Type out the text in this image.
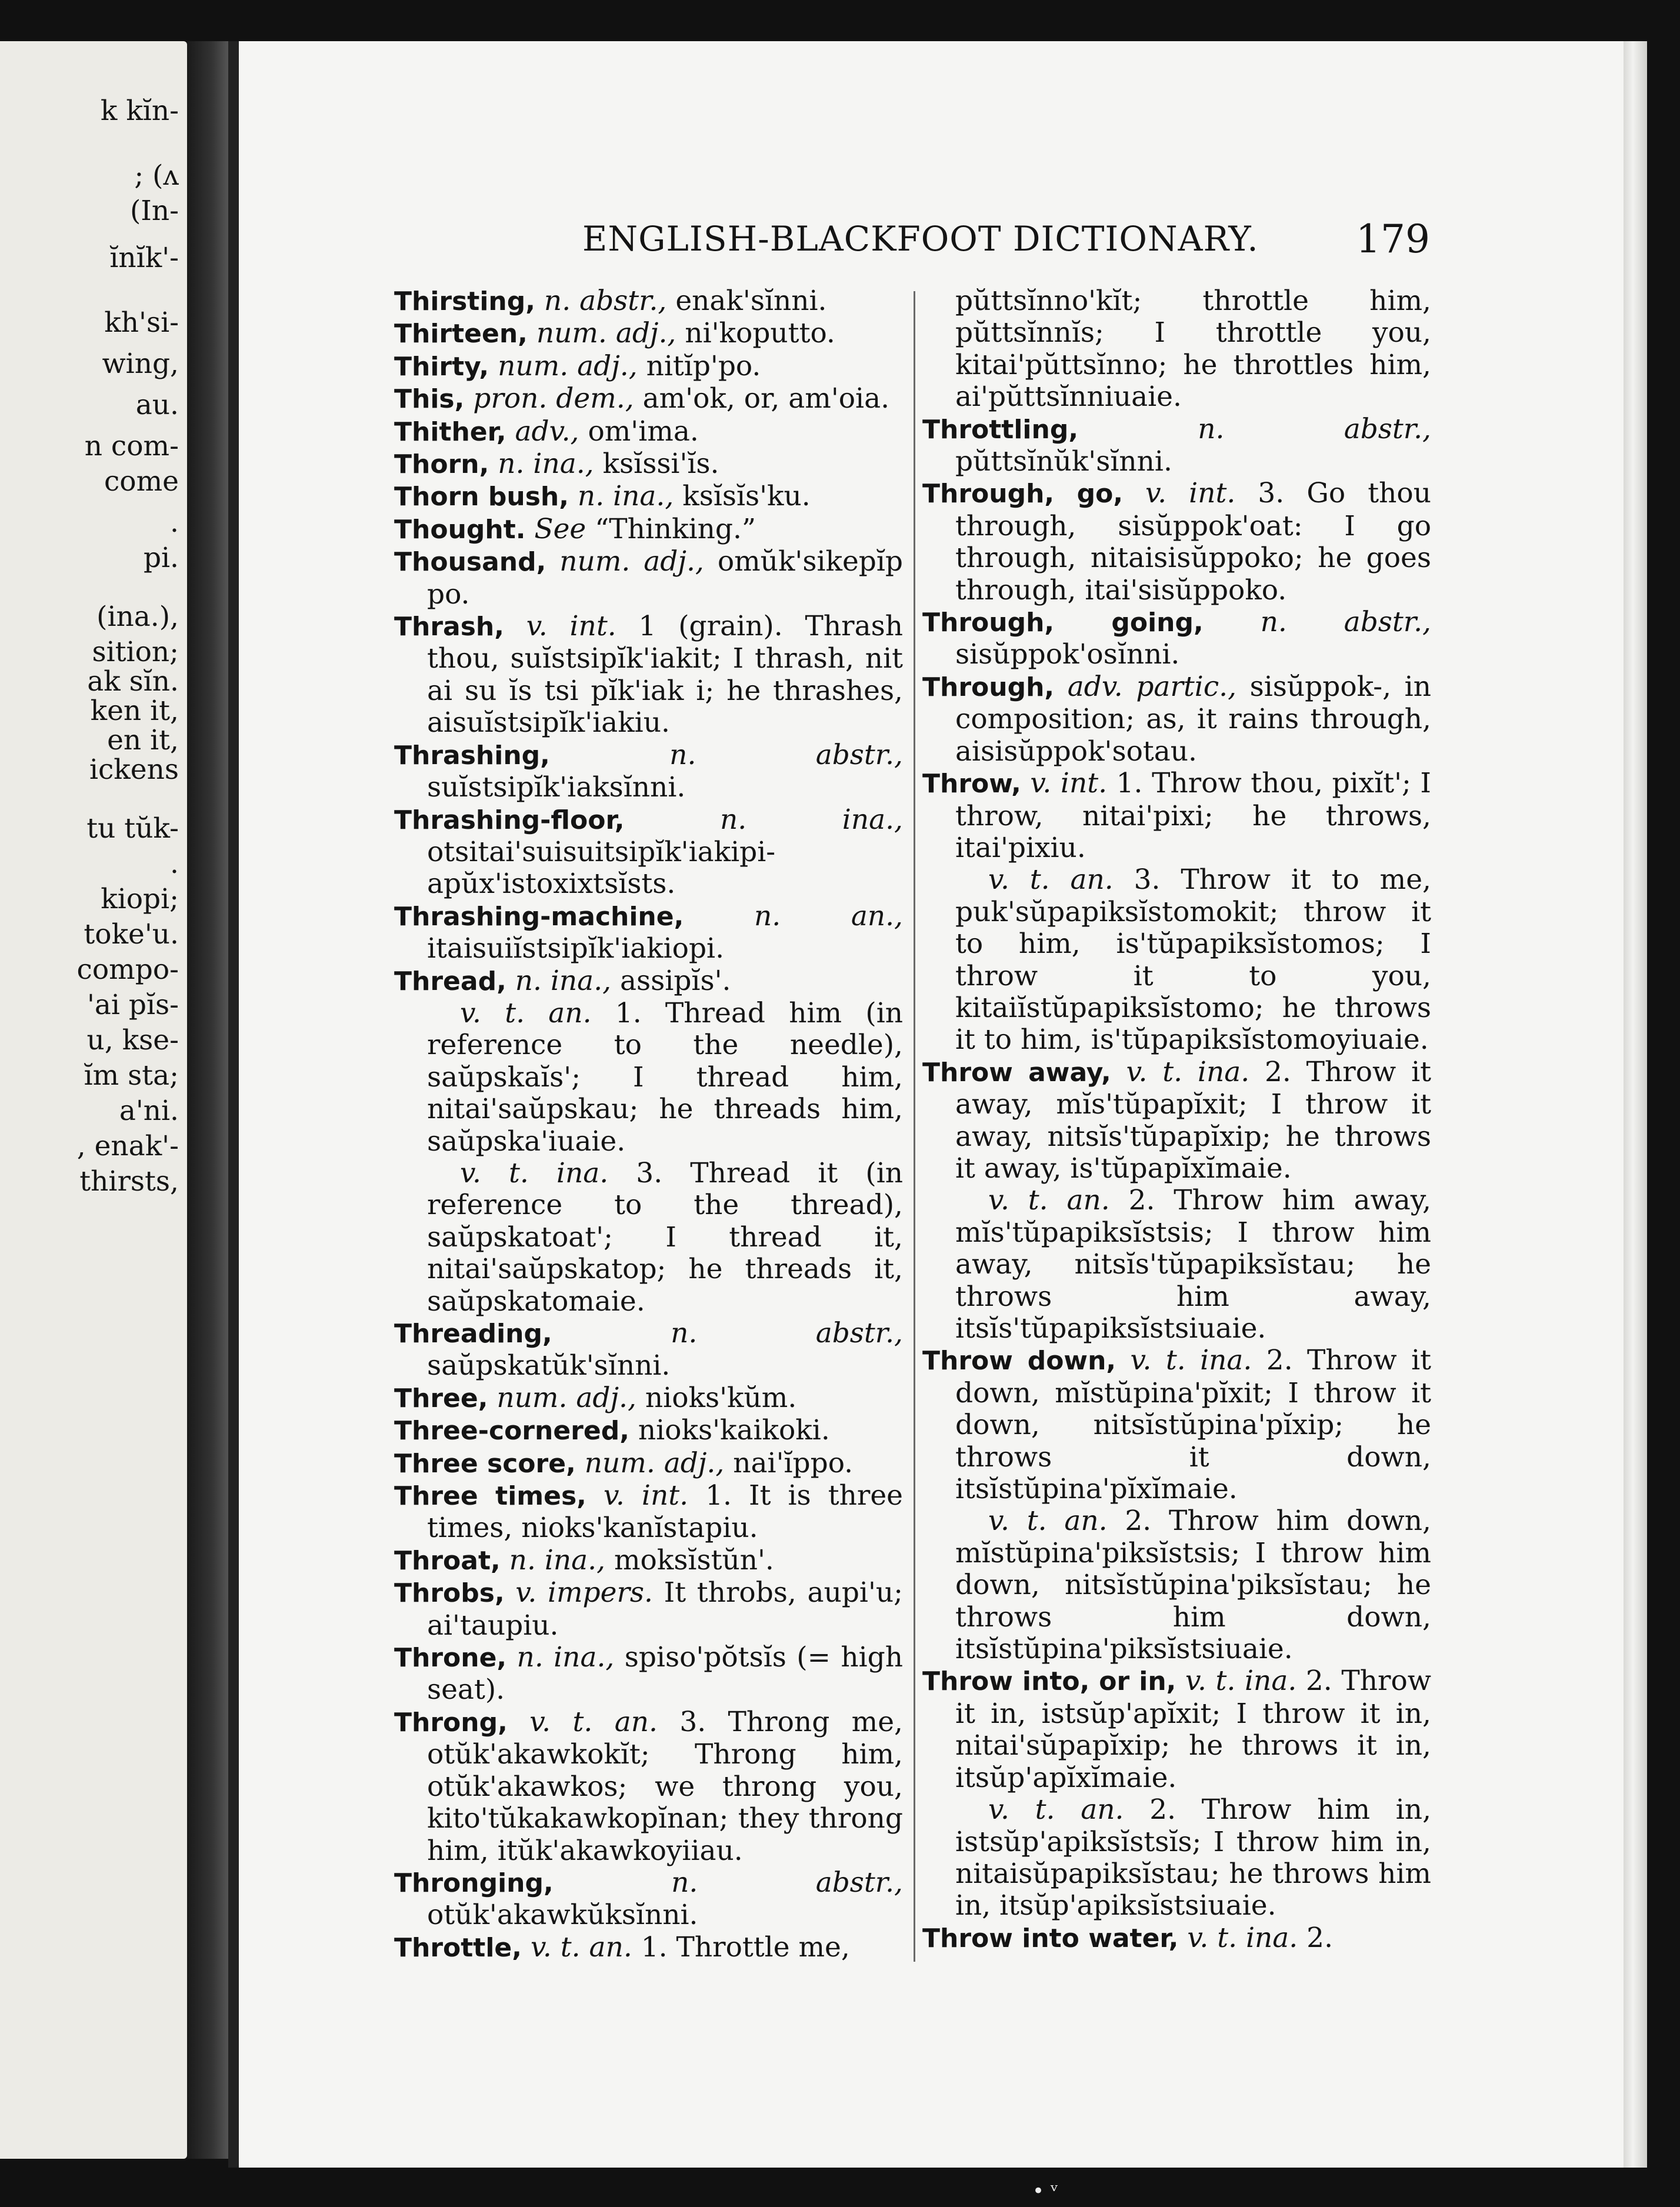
k kĭn-
; (ʌ
(In-
ĭnĭk'-
kh'si-
wing,
au.
n com-
come
.
pi.
(ina.),
sition;
ak sĭn.
ken it,
en it,
ickens
tu tŭk-
.
kiopi;
toke'u.
compo-
'ai pĭs-
u, kse-
ĭm sta;
a'ni.
, enak'-
thirsts,
ENGLISH-BLACKFOOT DICTIONARY.	179

Thirsting, n. abstr., enak'sĭnni.

Thirteen, num. adj., ni'koputto.

Thirty, num. adj., nitĭp'po.

This, pron. dem., am'ok, or, am'oia.

Thither, adv., om'ima.

Thorn, n. ina., ksĭssi'ĭs.

Thorn bush, n. ina., ksĭsĭs'ku.

Thought. See “Thinking.”

Thousand, num. adj., omŭk'sikepĭp po.

Thrash, v. int. 1 (grain). Thrash thou, suĭstsipĭk'iakit; I thrash, nit ai su ĭs tsi pĭk'iak i; he thrashes, aisuĭstsipĭk'iakiu.

Thrashing,	n. abstr., suĭstsipĭk'iaksĭnni.

Thrashing-floor,	n. ina., otsitai'suisuitsipĭk'iakipi-apŭx'istoxixtsĭsts.

Thrashing-machine,	n. an., itaisuiĭstsipĭk'iakiopi.

Thread, n. ina., assipĭs'.

v. t. an. 1. Thread him (in reference to the needle), saŭpskaĭs'; I thread him, nitai'saŭpskau; he threads him, saŭpska'iuaie.

v. t. ina. 3. Thread it (in reference to the thread), saŭpskatoat'; I thread it, nitai'saŭpskatop; he threads it, saŭpskatomaie.

Threading,	n. abstr., saŭpskatŭk'sĭnni.

Three, num. adj., nioks'kŭm.

Three-cornered, nioks'kaikoki.

Three score, num. adj., nai'ĭppo.

Three times, v. int. 1. It is three times, nioks'kanĭstapiu.

Throat, n. ina., moksĭstŭn'.

Throbs, v. impers. It throbs, aupi'u; ai'taupiu.

Throne, n. ina., spiso'pŏtsĭs (= high seat).

Throng, v. t. an. 3. Throng me, otŭk'akawkokĭt; Throng him, otŭk'akawkos; we throng you, kito'tŭkakawkopĭnan; they throng him, itŭk'akawkoyiiau.

Thronging,	n. abstr., otŭk'akawkŭksĭnni.

Throttle, v. t. an. 1. Throttle me,

pŭttsĭnno'kĭt; throttle him, pŭttsĭnnĭs; I throttle you, kitai'pŭttsĭnno; he throttles him, ai'pŭttsĭnniuaie.

Throttling,	n. abstr., pŭttsĭnŭk'sĭnni.

Through, go, v. int. 3. Go thou through, sisŭppok'oat: I go through, nitaisisŭppoko; he goes through, itai'sisŭppoko.

Through, going, n. abstr., sisŭppok'osĭnni.

Through, adv. partic., sisŭppok-, in composition; as, it rains through, aisisŭppok'sotau.

Throw, v. int. 1. Throw thou, pixĭt'; I throw, nitai'pixi; he throws, itai'pixiu.

v. t. an. 3. Throw it to me, puk'sŭpapiksĭstomokit; throw it to him, is'tŭpapiksĭstomos; I throw it to you, kitaiĭstŭpapiksĭstomo; he throws it to him, is'tŭpapiksĭstomoyiuaie.

Throw away, v. t. ina. 2. Throw it away, mĭs'tŭpapĭxit; I throw it away, nitsĭs'tŭpapĭxip; he throws it away, is'tŭpapĭxĭmaie.

v. t. an. 2. Throw him away, mĭs'tŭpapiksĭstsis; I throw him away, nitsĭs'tŭpapiksĭstau; he throws him away, itsĭs'tŭpapiksĭstsiuaie.

Throw down, v. t. ina. 2. Throw it down, mĭstŭpina'pĭxit; I throw it down, nitsĭstŭpina'pĭxip; he throws it down, itsĭstŭpina'pĭxĭmaie.

v. t. an. 2. Throw him down, mĭstŭpina'piksĭstsis; I throw him down, nitsĭstŭpina'piksĭstau; he throws him down, itsĭstŭpina'piksĭstsiuaie.

Throw into, or in, v. t. ina. 2. Throw it in, istsŭp'apĭxit; I throw it in, nitai'sŭpapĭxip; he throws it in, itsŭp'apĭxĭmaie.

v. t. an. 2. Throw him in, istsŭp'apiksĭstsĭs; I throw him in, nitaisŭpapiksĭstau; he throws him in, itsŭp'apiksĭstsiuaie.

Throw into water, v. t. ina. 2.

• ᵛ
